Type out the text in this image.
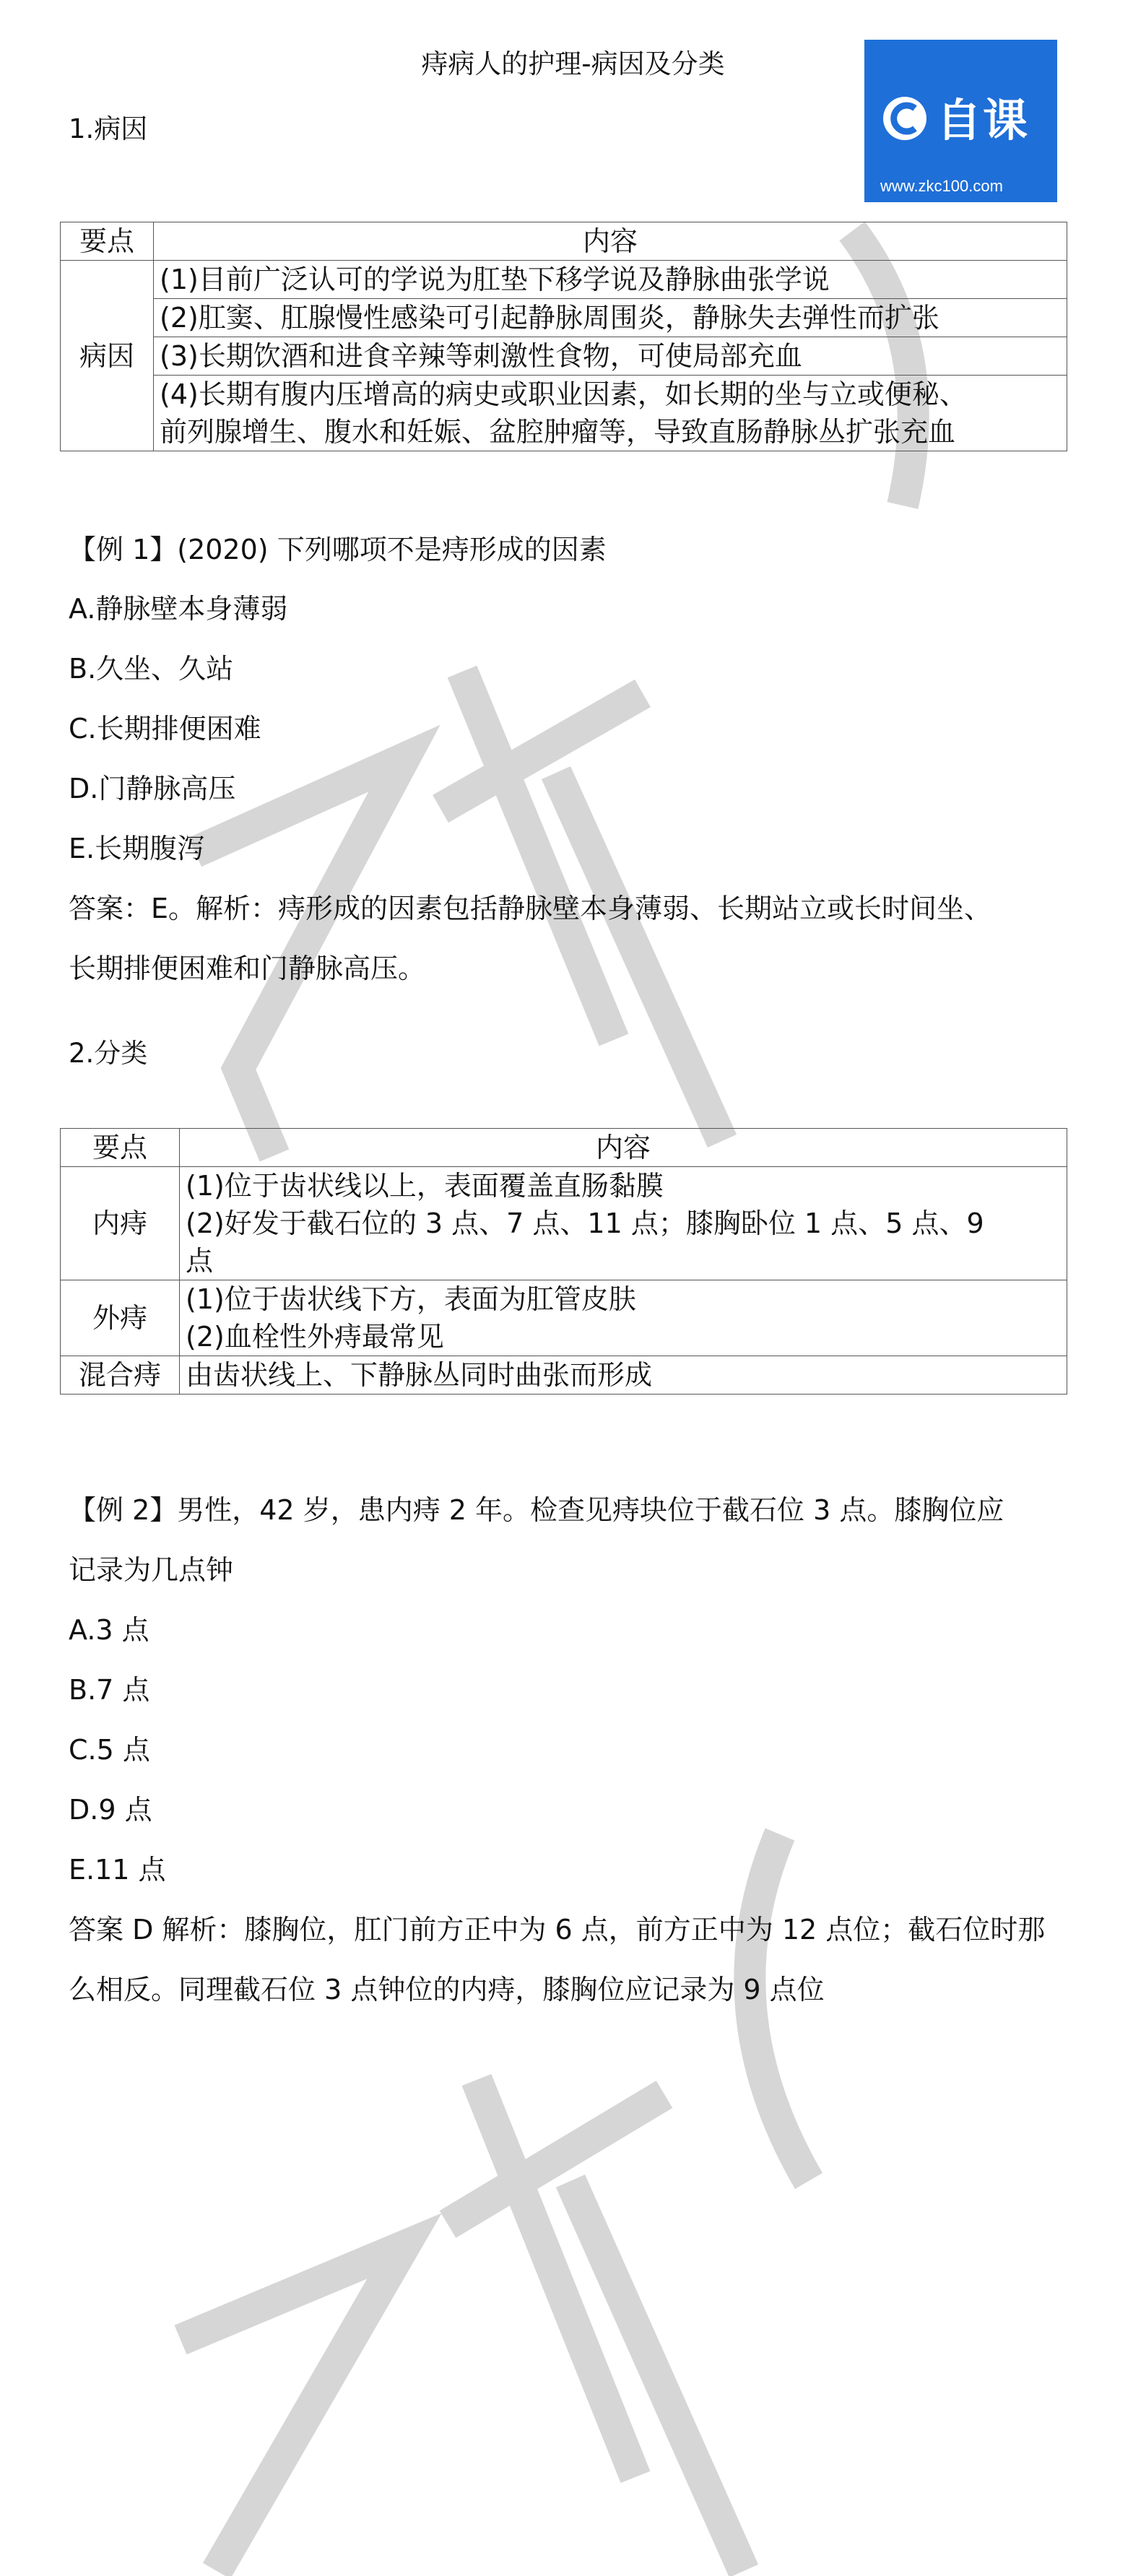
痔病人的护理-病因及分类
自课
www.zkc100.com
1.病因
要点	内容
病因	(1)目前广泛认可的学说为肛垫下移学说及静脉曲张学说
	(2)肛窦、肛腺慢性感染可引起静脉周围炎，静脉失去弹性而扩张
	(3)长期饮酒和进食辛辣等刺激性食物，可使局部充血

	(4)长期有腹内压增高的病史或职业因素，如长期的坐与立或便秘、
前列腺增生、腹水和妊娠、盆腔肿瘤等，导致直肠静脉丛扩张充血
【例 1】(2020) 下列哪项不是痔形成的因素
A.静脉壁本身薄弱
B.久坐、久站
C.长期排便困难
D.门静脉高压
E.长期腹泻
答案：E。解析：痔形成的因素包括静脉壁本身薄弱、长期站立或长时间坐、
长期排便困难和门静脉高压。
2.分类
要点	内容
内痔	(1)位于齿状线以上，表面覆盖直肠黏膜
(2)好发于截石位的 3 点、7 点、11 点；膝胸卧位 1 点、5 点、9
点

外痔	(1)位于齿状线下方，表面为肛管皮肤
(2)血栓性外痔最常见

混合痔	由齿状线上、下静脉丛同时曲张而形成
【例 2】男性，42 岁，患内痔 2 年。检查见痔块位于截石位 3 点。膝胸位应
记录为几点钟
A.3 点
B.7 点
C.5 点
D.9 点
E.11 点
答案 D 解析：膝胸位，肛门前方正中为 6 点，前方正中为 12 点位；截石位时那
么相反。同理截石位 3 点钟位的内痔，膝胸位应记录为 9 点位
